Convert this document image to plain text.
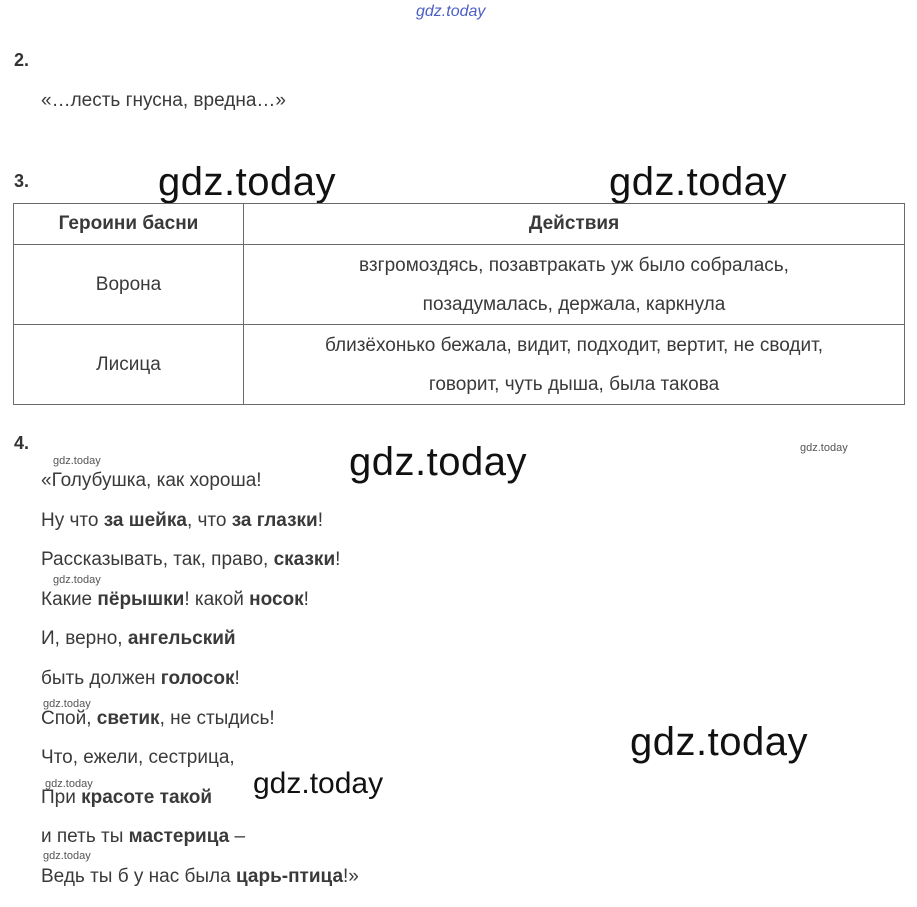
gdz.today
2.
«…лесть гнусна, вредна…»
3.	gdz.today	gdz.today
Героини басни	Действия
Ворона	взгромоздясь, позавтракать уж было собралась,
позадумалась, держала, каркнула

Лисица	близёхонько бежала, видит, подходит, вертит, не сводит,
говорит, чуть дыша, была такова
4.	gdz.today
gdz.today
gdz.today
gdz.today
gdz.today
gdz.today
gdz.today
gdz.today
gdz.today
«Голубушка, как хороша!
Ну что за шейка, что за глазки!
Рассказывать, так, право, сказки!
Какие пёрышки! какой носок!
И, верно, ангельский
быть должен голосок!
Спой, светик, не стыдись!
Что, ежели, сестрица,
При красоте такой
и петь ты мастерица –
Ведь ты б у нас была царь-птица!»
